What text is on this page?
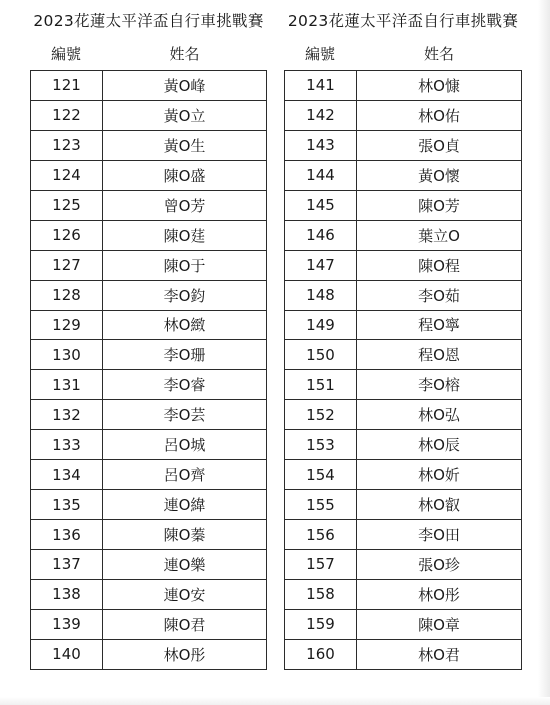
2023花蓮太平洋盃自行車挑戰賽
編號	姓名
121	黃O峰
122	黃O立
123	黃O生
124	陳O盛
125	曾O芳
126	陳O莛
127	陳O于
128	李O鈞
129	林O緻
130	李O珊
131	李O睿
132	李O芸
133	呂O城
134	呂O齊
135	連O緯
136	陳O蓁
137	連O樂
138	連O安
139	陳O君
140	林O彤
2023花蓮太平洋盃自行車挑戰賽
編號	姓名
141	林O慷
142	林O佑
143	張O貞
144	黃O懷
145	陳O芳
146	葉立O
147	陳O程
148	李O茹
149	程O寧
150	程O恩
151	李O榕
152	林O弘
153	林O辰
154	林O妡
155	林O叡
156	李O田
157	張O珍
158	林O彤
159	陳O章
160	林O君
